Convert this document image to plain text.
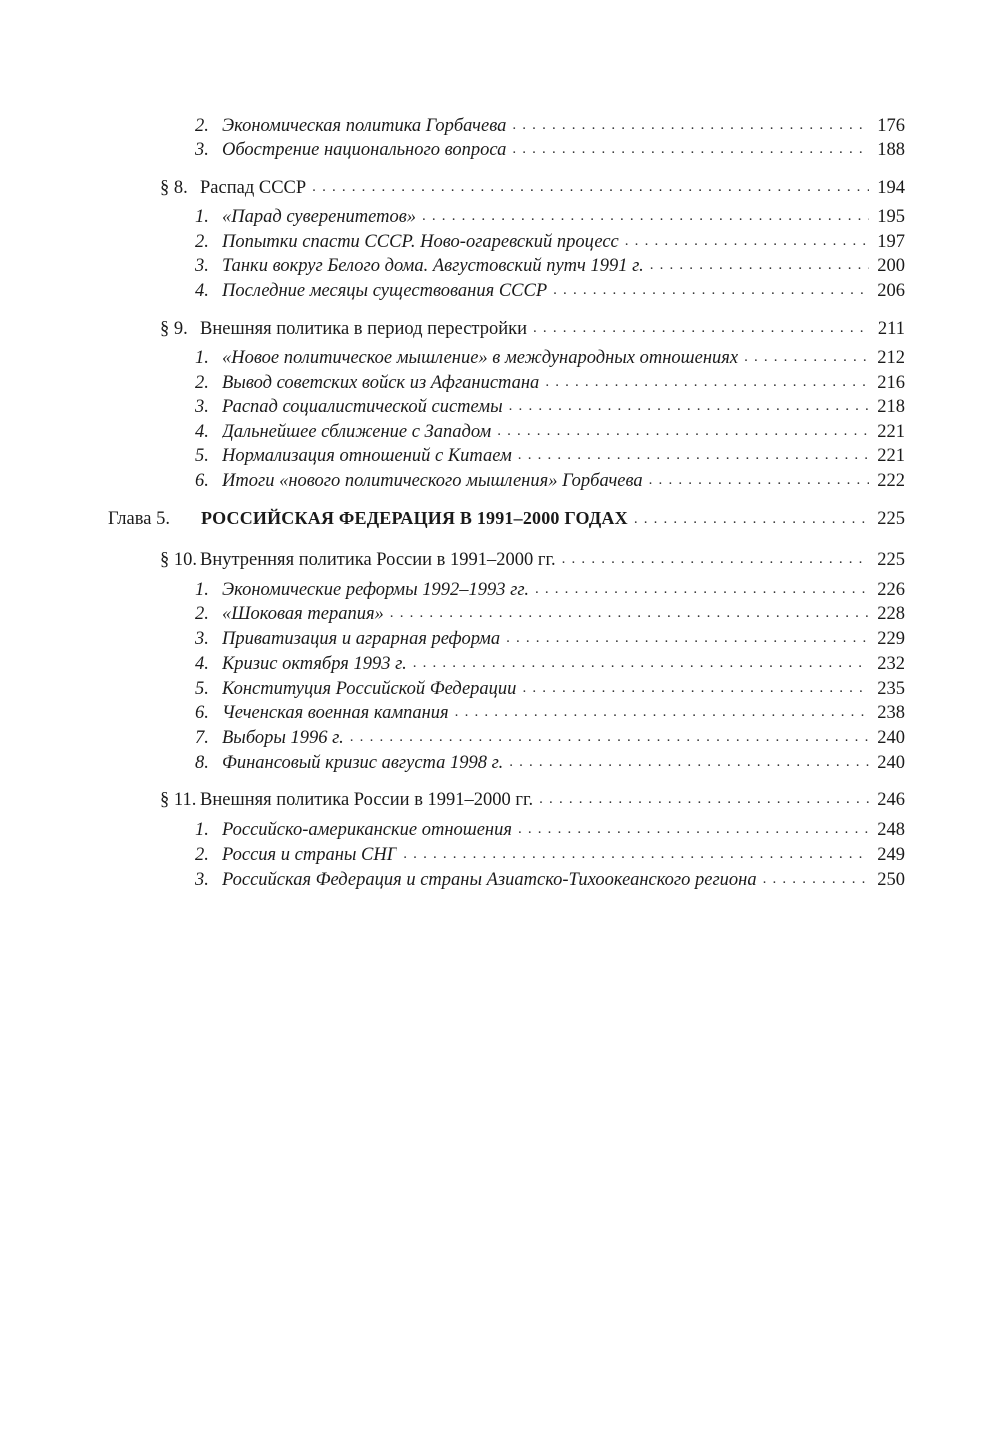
2. Экономическая политика Горбачева . . .	176
3. Обострение национального вопроса . . .	188
§ 8. Распад СССР . . .	194
1. «Парад суверенитетов» . . .	195
2. Попытки спасти СССР. Ново-огаревский процесс . . .	197
3. Танки вокруг Белого дома. Августовский путч 1991 г. . . .	200
4. Последние месяцы существования СССР . . .	206
§ 9. Внешняя политика в период перестройки . . .	211
1. «Новое политическое мышление» в международных отношениях . . .	212
2. Вывод советских войск из Афганистана . . .	216
3. Распад социалистической системы . . .	218
4. Дальнейшее сближение с Западом . . .	221
5. Нормализация отношений с Китаем . . .	221
6. Итоги «нового политического мышления» Горбачева . . .	222
Глава 5.	РОССИЙСКАЯ ФЕДЕРАЦИЯ В 1991–2000 ГОДАХ . . .	225
§ 10. Внутренняя политика России в 1991–2000 гг. . . .	225
1. Экономические реформы 1992–1993 гг. . . .	226
2. «Шоковая терапия» . . .	228
3. Приватизация и аграрная реформа . . .	229
4. Кризис октября 1993 г. . . .	232
5. Конституция Российской Федерации . . .	235
6. Чеченская военная кампания . . .	238
7. Выборы 1996 г. . . .	240
8. Финансовый кризис августа 1998 г. . . .	240
§ 11. Внешняя политика России в 1991–2000 гг. . . .	246
1. Российско-американские отношения . . .	248
2. Россия и страны СНГ . . .	249
3. Российская Федерация и страны Азиатско-Тихоокеанского региона . . .	250
